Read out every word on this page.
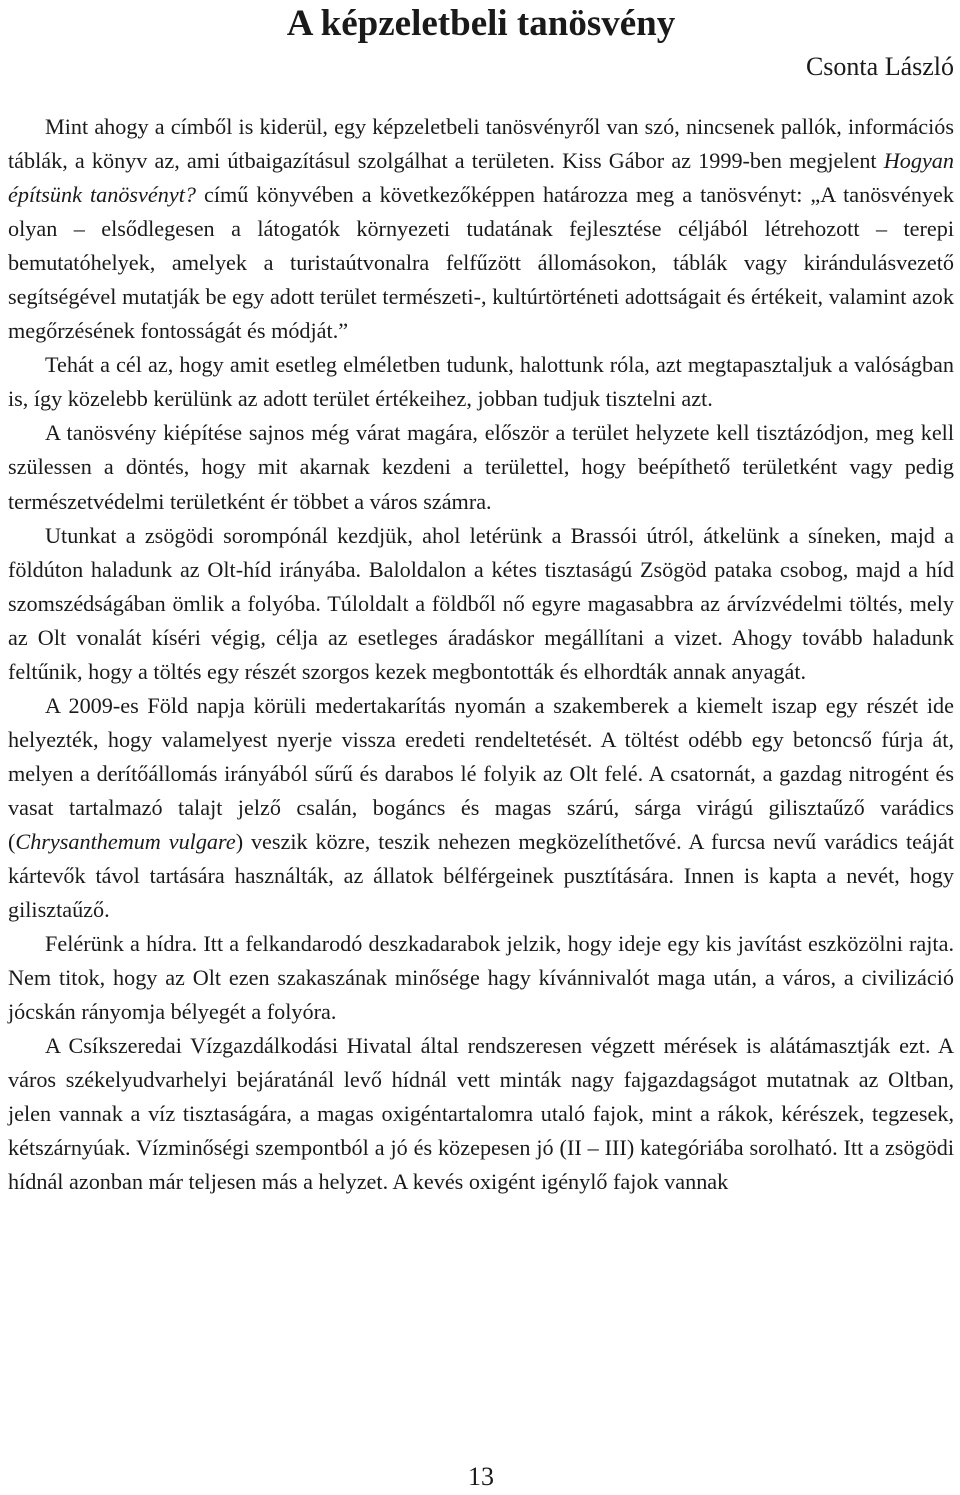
A képzeletbeli tanösvény
Csonta László

Mint ahogy a címből is kiderül, egy képzeletbeli tanösvényről van szó, nincsenek pallók, információs táblák, a könyv az, ami útbaigazításul szolgálhat a területen. Kiss Gábor az 1999-ben megjelent Hogyan építsünk tanösvényt? című könyvében a következőképpen határozza meg a tanösvényt: „A tanösvények olyan – elsődlegesen a látogatók környezeti tudatának fejlesztése céljából létrehozott – terepi bemutatóhelyek, amelyek a turistaútvonalra felfűzött állomásokon, táblák vagy kirándulásvezető segítségével mutatják be egy adott terület természeti-, kultúrtörténeti adottságait és értékeit, valamint azok megőrzésének fontosságát és módját.”

Tehát a cél az, hogy amit esetleg elméletben tudunk, halottunk róla, azt megtapasztaljuk a valóságban is, így közelebb kerülünk az adott terület értékeihez, jobban tudjuk tisztelni azt.

A tanösvény kiépítése sajnos még várat magára, először a terület helyzete kell tisztázódjon, meg kell szülessen a döntés, hogy mit akarnak kezdeni a területtel, hogy beépíthető területként vagy pedig természetvédelmi területként ér többet a város számra.

Utunkat a zsögödi sorompónál kezdjük, ahol letérünk a Brassói útról, átkelünk a síneken, majd a földúton haladunk az Olt-híd irányába. Baloldalon a kétes tisztaságú Zsögöd pataka csobog, majd a híd szomszédságában ömlik a folyóba. Túloldalt a földből nő egyre magasabbra az árvízvédelmi töltés, mely az Olt vonalát kíséri végig, célja az esetleges áradáskor megállítani a vizet. Ahogy tovább haladunk feltűnik, hogy a töltés egy részét szorgos kezek megbontották és elhordták annak anyagát.

A 2009-es Föld napja körüli medertakarítás nyomán a szakemberek a kiemelt iszap egy részét ide helyezték, hogy valamelyest nyerje vissza eredeti rendeltetését. A töltést odébb egy betoncső fúrja át, melyen a derítőállomás irányából sűrű és darabos lé folyik az Olt felé. A csatornát, a gazdag nitrogént és vasat tartalmazó talajt jelző csalán, bogáncs és magas szárú, sárga virágú gilisztaűző varádics (Chrysanthemum vulgare) veszik közre, teszik nehezen megközelíthetővé. A furcsa nevű varádics teáját kártevők távol tartására használták, az állatok bélférgeinek pusztítására. Innen is kapta a nevét, hogy gilisztaűző.

Felérünk a hídra. Itt a felkandarodó deszkadarabok jelzik, hogy ideje egy kis javítást eszközölni rajta. Nem titok, hogy az Olt ezen szakaszának minősége hagy kívánnivalót maga után, a város, a civilizáció jócskán rányomja bélyegét a folyóra.

A Csíkszeredai Vízgazdálkodási Hivatal által rendszeresen végzett mérések is alátámasztják ezt. A város székelyudvarhelyi bejáratánál levő hídnál vett minták nagy fajgazdagságot mutatnak az Oltban, jelen vannak a víz tisztaságára, a magas oxigéntartalomra utaló fajok, mint a rákok, kérészek, tegzesek, kétszárnyúak. Vízminőségi szempontból a jó és közepesen jó (II – III) kategóriába sorolható. Itt a zsögödi hídnál azonban már teljesen más a helyzet. A kevés oxigént igénylő fajok vannak

13
